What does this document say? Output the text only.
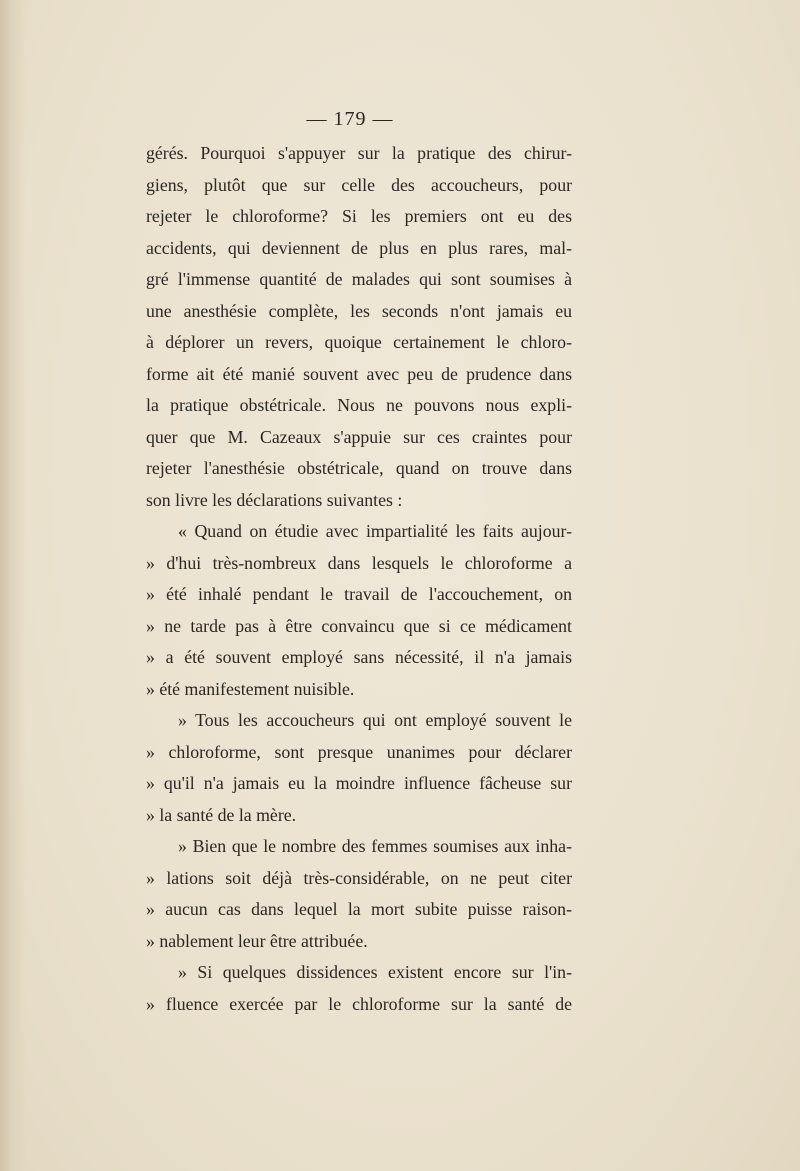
— 179 —
gérés. Pourquoi s'appuyer sur la pratique des chirur-
giens, plutôt que sur celle des accoucheurs, pour
rejeter le chloroforme? Si les premiers ont eu des
accidents, qui deviennent de plus en plus rares, mal-
gré l'immense quantité de malades qui sont soumises à
une anesthésie complète, les seconds n'ont jamais eu
à déplorer un revers, quoique certainement le chloro-
forme ait été manié souvent avec peu de prudence dans
la pratique obstétricale. Nous ne pouvons nous expli-
quer que M. Cazeaux s'appuie sur ces craintes pour
rejeter l'anesthésie obstétricale, quand on trouve dans
son livre les déclarations suivantes :
« Quand on étudie avec impartialité les faits aujour-
» d'hui très-nombreux dans lesquels le chloroforme a
» été inhalé pendant le travail de l'accouchement, on
» ne tarde pas à être convaincu que si ce médicament
» a été souvent employé sans nécessité, il n'a jamais
» été manifestement nuisible.
» Tous les accoucheurs qui ont employé souvent le
» chloroforme, sont presque unanimes pour déclarer
» qu'il n'a jamais eu la moindre influence fâcheuse sur
» la santé de la mère.
» Bien que le nombre des femmes soumises aux inha-
» lations soit déjà très-considérable, on ne peut citer
» aucun cas dans lequel la mort subite puisse raison-
» nablement leur être attribuée.
» Si quelques dissidences existent encore sur l'in-
» fluence exercée par le chloroforme sur la santé de
